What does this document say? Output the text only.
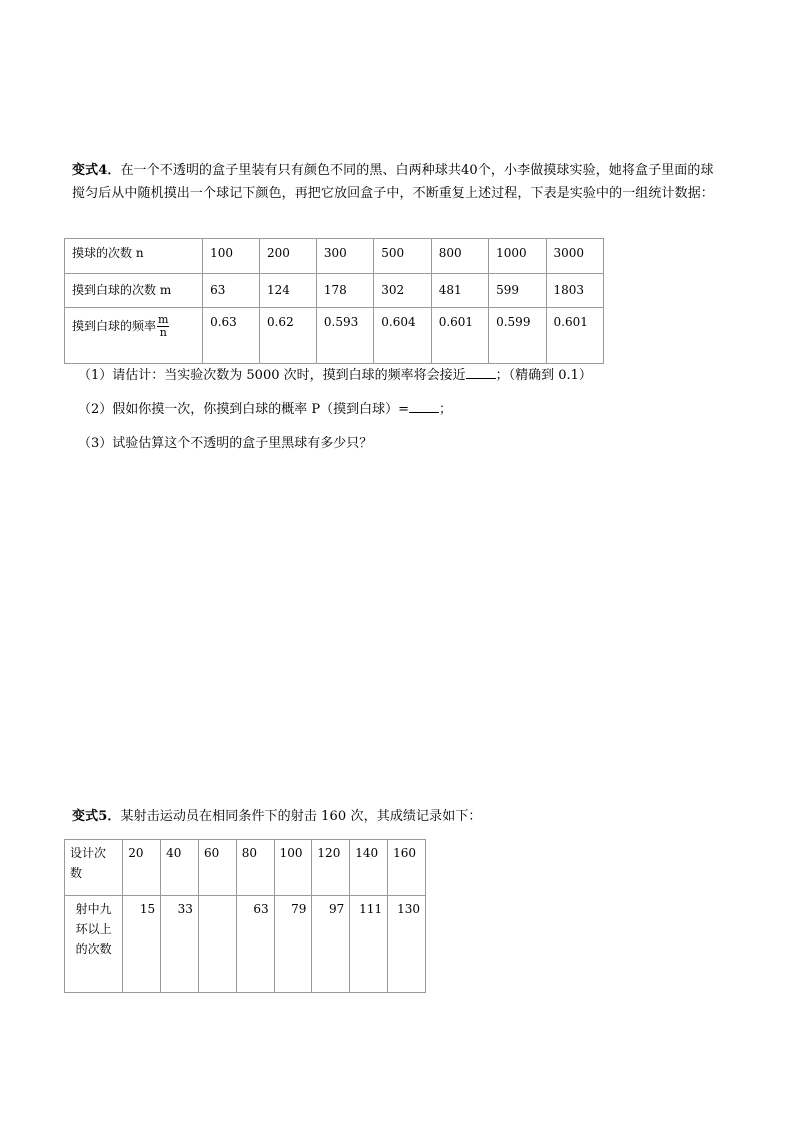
变式4．在一个不透明的盒子里装有只有颜色不同的黑、白两种球共40个，小李做摸球实验，她将盒子里面的球搅匀后从中随机摸出一个球记下颜色，再把它放回盒子中，不断重复上述过程，下表是实验中的一组统计数据：
摸球的次数 n	100	200	300	500	800	1000	3000
摸到白球的次数 m	63	124	178	302	481	599	1803
摸到白球的频率 $\frac{m}{n}$	0.63	0.62	0.593	0.604	0.601	0.599	0.601
（1）请估计：当实验次数为 5000 次时，摸到白球的频率将会接近 ；（精确到 0.1）
（2）假如你摸一次，你摸到白球的概率 P（摸到白球）= ；
（3）试验估算这个不透明的盒子里黑球有多少只？
变式5．某射击运动员在相同条件下的射击 160 次，其成绩记录如下：
设计次数	20	40	60	80	100	120	140	160
射中九环以上的次数	15	33		63	79	97	111	130
